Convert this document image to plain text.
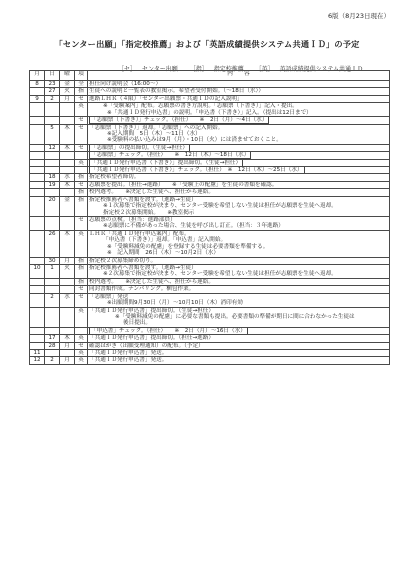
6版（8月23日現在）
「センター出願」「指定校推薦」および「英語成績提供システム共通ＩＤ」の予定
［セ］…センター出願 ［指］…指定校推薦 ［英］…英語成績提供システム共通ＩＤ
月	日	曜	項	内　　容
8	23	金	全	担任向け説明会（16:00～）

	27	火	指	生徒への説明と一覧表の教室掲示。希望者受付開始。（～18日（水））

9	2	月	セ	進路ＬＨＲ（４限）「センター出願票・共通ＩＤの記入説明」

			英	※「受験案内」配布。志願票の書き方説明。「志願票（下書き）」記入・提出。
※「共通ＩＤ発行申込書」の説明。「申込書（下書き）」記入。（提出は12日まで）

			セ	「志願票（下書き）」チェック。（担任）　　※　2日（月）～4日（水）

	5	木	セ	「志願票（下書き）」返却。「志願票」への記入開始。
※記入期間　5日（木）～11日（水）
※受験料の払い込みは9月（月）・10日（火）には済ませておくこと。

	12	木	セ	「志願票」の提出締切。（生徒→担任）

				「志願票」チェック。（担任）　　※　12日（木）～18日（水）

			英	「共通ＩＤ発行申込書（下書き）」提出締切。（生徒→担任）

				「共通ＩＤ発行申込書（下書き）」チェック。（担任）　※　12日（木）～25日（水）

	18	水	指	指定校希望者締切。

	19	木	セ	志願票を提出。（担任→進路）　　※「受験上の配慮」を生徒の書類を確認。

			指	校内選考。　　※決定した生徒へ、担任から連絡。

	20	金	指	指定校推薦者へ書類を渡す。（進路→生徒）
※１次募集で指定校が決まり、センター受験を希望しない生徒は担任が志願票を生徒へ返却。
指定校２次募集開始。　　※教室掲示

			セ	志願票の点検。（担当：進路部員）
※志願票に不備があった場合、生徒を呼び出し訂正。（担当：３年進路）

	26	木	英	ＬＨＲ「共通ＩＤ発行申込案内」配布。
「申込書（下書き）」返却。「申込書」記入開始。
※「受験料減免の配慮」を登録する生徒は必要書類を準備する。
※　記入期間　26日（木）～10月2日（水）

	30	月	指	指定校２次募集締め切り。

10	1	火	指	指定校推薦者へ書類を渡す。（進路→生徒）
※２次募集で指定校が決まり、センター受験を希望しない生徒は担任が志願票を生徒へ返却。

			指	校内選考。　　※決定した生徒へ、担任から連絡。

			セ	同封書類作成。ナンバリング。梱包作業。

	2	水	セ	「志願票」発送
※出願期間9月30日（月）～10月10日（木）消印有効

			英	「共通ＩＤ発行申込書」提出締切。（生徒→担任）
※「受験料減免の配慮」に必要な書類も提出。必要書類の準備が期日に間に合わなかった生徒は
後日提出。

				「申込書」チェック。（担任）　　※　2日（月）～16日（水）

	17	木	英	「共通ＩＤ発行申込書」提出締切。（担任→進路）

	28	月	セ	確認はがき（出願受理通知）の配布。（予定）

11			英	「共通ＩＤ発行申込書」発送。

12	2	月	英	「共通ＩＤ発行申込書」発送。
